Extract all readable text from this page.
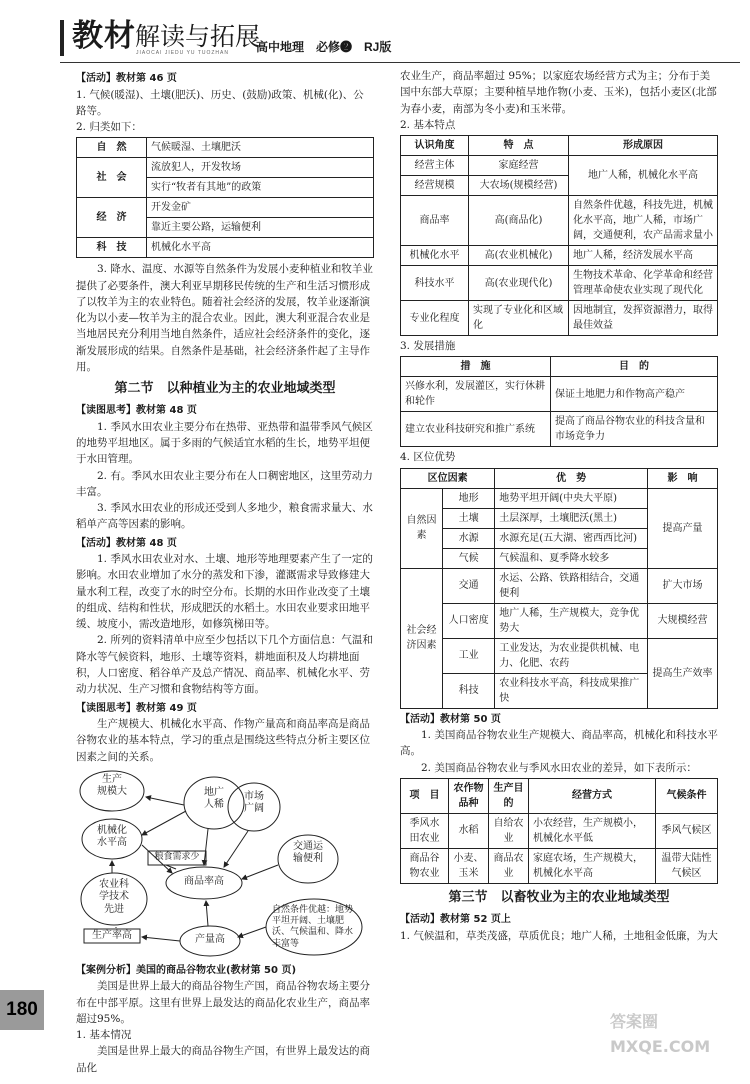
教材 解读与拓展
JIAOCAI JIEDU YU TUOZHAN 高中地理　必修❷　RJ版

【活动】教材第 46 页

1. 气候(暖湿)、土壤(肥沃)、历史、(鼓励)政策、机械(化)、公路等。

2. 归类如下：

自　然	气候暖湿、土壤肥沃
社　会	流放犯人，开发牧场
	实行“牧者有其地”的政策
经　济	开发金矿
	靠近主要公路，运输便利
科　技	机械化水平高

3. 降水、温度、水源等自然条件为发展小麦种植业和牧羊业提供了必要条件，澳大利亚早期移民传统的生产和生活习惯形成了以牧羊为主的农业特色。随着社会经济的发展，牧羊业逐渐演化为以小麦—牧羊为主的混合农业。因此，澳大利亚混合农业是当地居民充分利用当地自然条件，适应社会经济条件的变化，逐渐发展形成的结果。自然条件是基础，社会经济条件起了主导作用。

第二节　以种植业为主的农业地域类型

【读图思考】教材第 48 页

1. 季风水田农业主要分布在热带、亚热带和温带季风气候区的地势平坦地区。属于多雨的气候适宜水稻的生长，地势平坦便于水田管理。

2. 有。季风水田农业主要分布在人口稠密地区，这里劳动力丰富。

3. 季风水田农业的形成还受到人多地少，粮食需求量大、水稻单产高等因素的影响。

【活动】教材第 48 页

1. 季风水田农业对水、土壤、地形等地理要素产生了一定的影响。水田农业增加了水分的蒸发和下渗，灌溉需求导致修建大量水利工程，改变了水的时空分布。长期的水田作业改变了土壤的组成、结构和性状，形成肥沃的水稻土。水田农业要求田地平缓、坡度小，需改造地形，如修筑梯田等。

2. 所列的资料清单中应至少包括以下几个方面信息：气温和降水等气候资料，地形、土壤等资料，耕地面积及人均耕地面积，人口密度、稻谷单产及总产情况、商品率、机械化水平、劳动力状况、生产习惯和食物结构等方面。

【读图思考】教材第 49 页

生产规模大、机械化水平高、作物产量高和商品率高是商品谷物农业的基本特点，学习的重点是围绕这些特点分析主要区位因素之间的关系。

生产
规模大	地广
人稀
市场
广阔
机械化
水平高
粮食需求少
交通运
输便利
农业科
学技术
先进
商品率高
自然条件优越：地势平坦开阔、土壤肥沃、气候温和、降水丰富等
生产率高	产量高

【案例分析】美国的商品谷物农业(教材第 50 页)

美国是世界上最大的商品谷物生产国，商品谷物农场主要分布在中部平原。这里有世界上最发达的商品化农业生产，商品率超过95%。

1. 基本情况

美国是世界上最大的商品谷物生产国，有世界上最发达的商品化

农业生产，商品率超过 95%；以家庭农场经营方式为主；分布于美国中东部大草原；主要种植旱地作物(小麦、玉米)，包括小麦区(北部为春小麦，南部为冬小麦)和玉米带。

2. 基本特点

认识角度	特　点	形成原因
经营主体	家庭经营	地广人稀，机械化水平高
经营规模	大农场(规模经营)	
商品率	高(商品化)	自然条件优越，科技先进，机械化水平高，地广人稀，市场广阔，交通便利，农产品需求量小
机械化水平	高(农业机械化)	地广人稀，经济发展水平高
科技水平	高(农业现代化)	生物技术革命、化学革命和经营管理革命使农业实现了现代化
专业化程度	实现了专业化和区域化	因地制宜，发挥资源潜力，取得最佳效益

3. 发展措施

措　施	目　的
兴修水利，发展灌区，实行休耕和轮作	保证土地肥力和作物高产稳产
建立农业科技研究和推广系统	提高了商品谷物农业的科技含量和市场竞争力

4. 区位优势

区位因素		优　势	影　响
自然因素	地形	地势平坦开阔(中央大平原)	提高产量
	土壤	土层深厚，土壤肥沃(黑土)	
	水源	水源充足(五大湖、密西西比河)	
	气候	气候温和、夏季降水较多	
社会经济因素	交通	水运、公路、铁路相结合，交通便利	扩大市场
	人口密度	地广人稀，生产规模大，竞争优势大	大规模经营
	工业	工业发达，为农业提供机械、电力、化肥、农药	提高生产效率
	科技	农业科技水平高，科技成果推广快	

【活动】教材第 50 页

1. 美国商品谷物农业生产规模大、商品率高，机械化和科技水平高。

2. 美国商品谷物农业与季风水田农业的差异，如下表所示：

项　目	农作物品种	生产目的	经营方式	气候条件
季风水田农业	水稻	自给农业	小农经营，生产规模小，机械化水平低	季风气候区
商品谷物农业	小麦、玉米	商品农业	家庭农场，生产规模大，机械化水平高	温带大陆性气候区

第三节　以畜牧业为主的农业地域类型

【活动】教材第 52 页上

1. 气候温和，草类茂盛，草质优良；地广人稀，土地租金低廉，为大

180
答案圈 MXQE.COM
